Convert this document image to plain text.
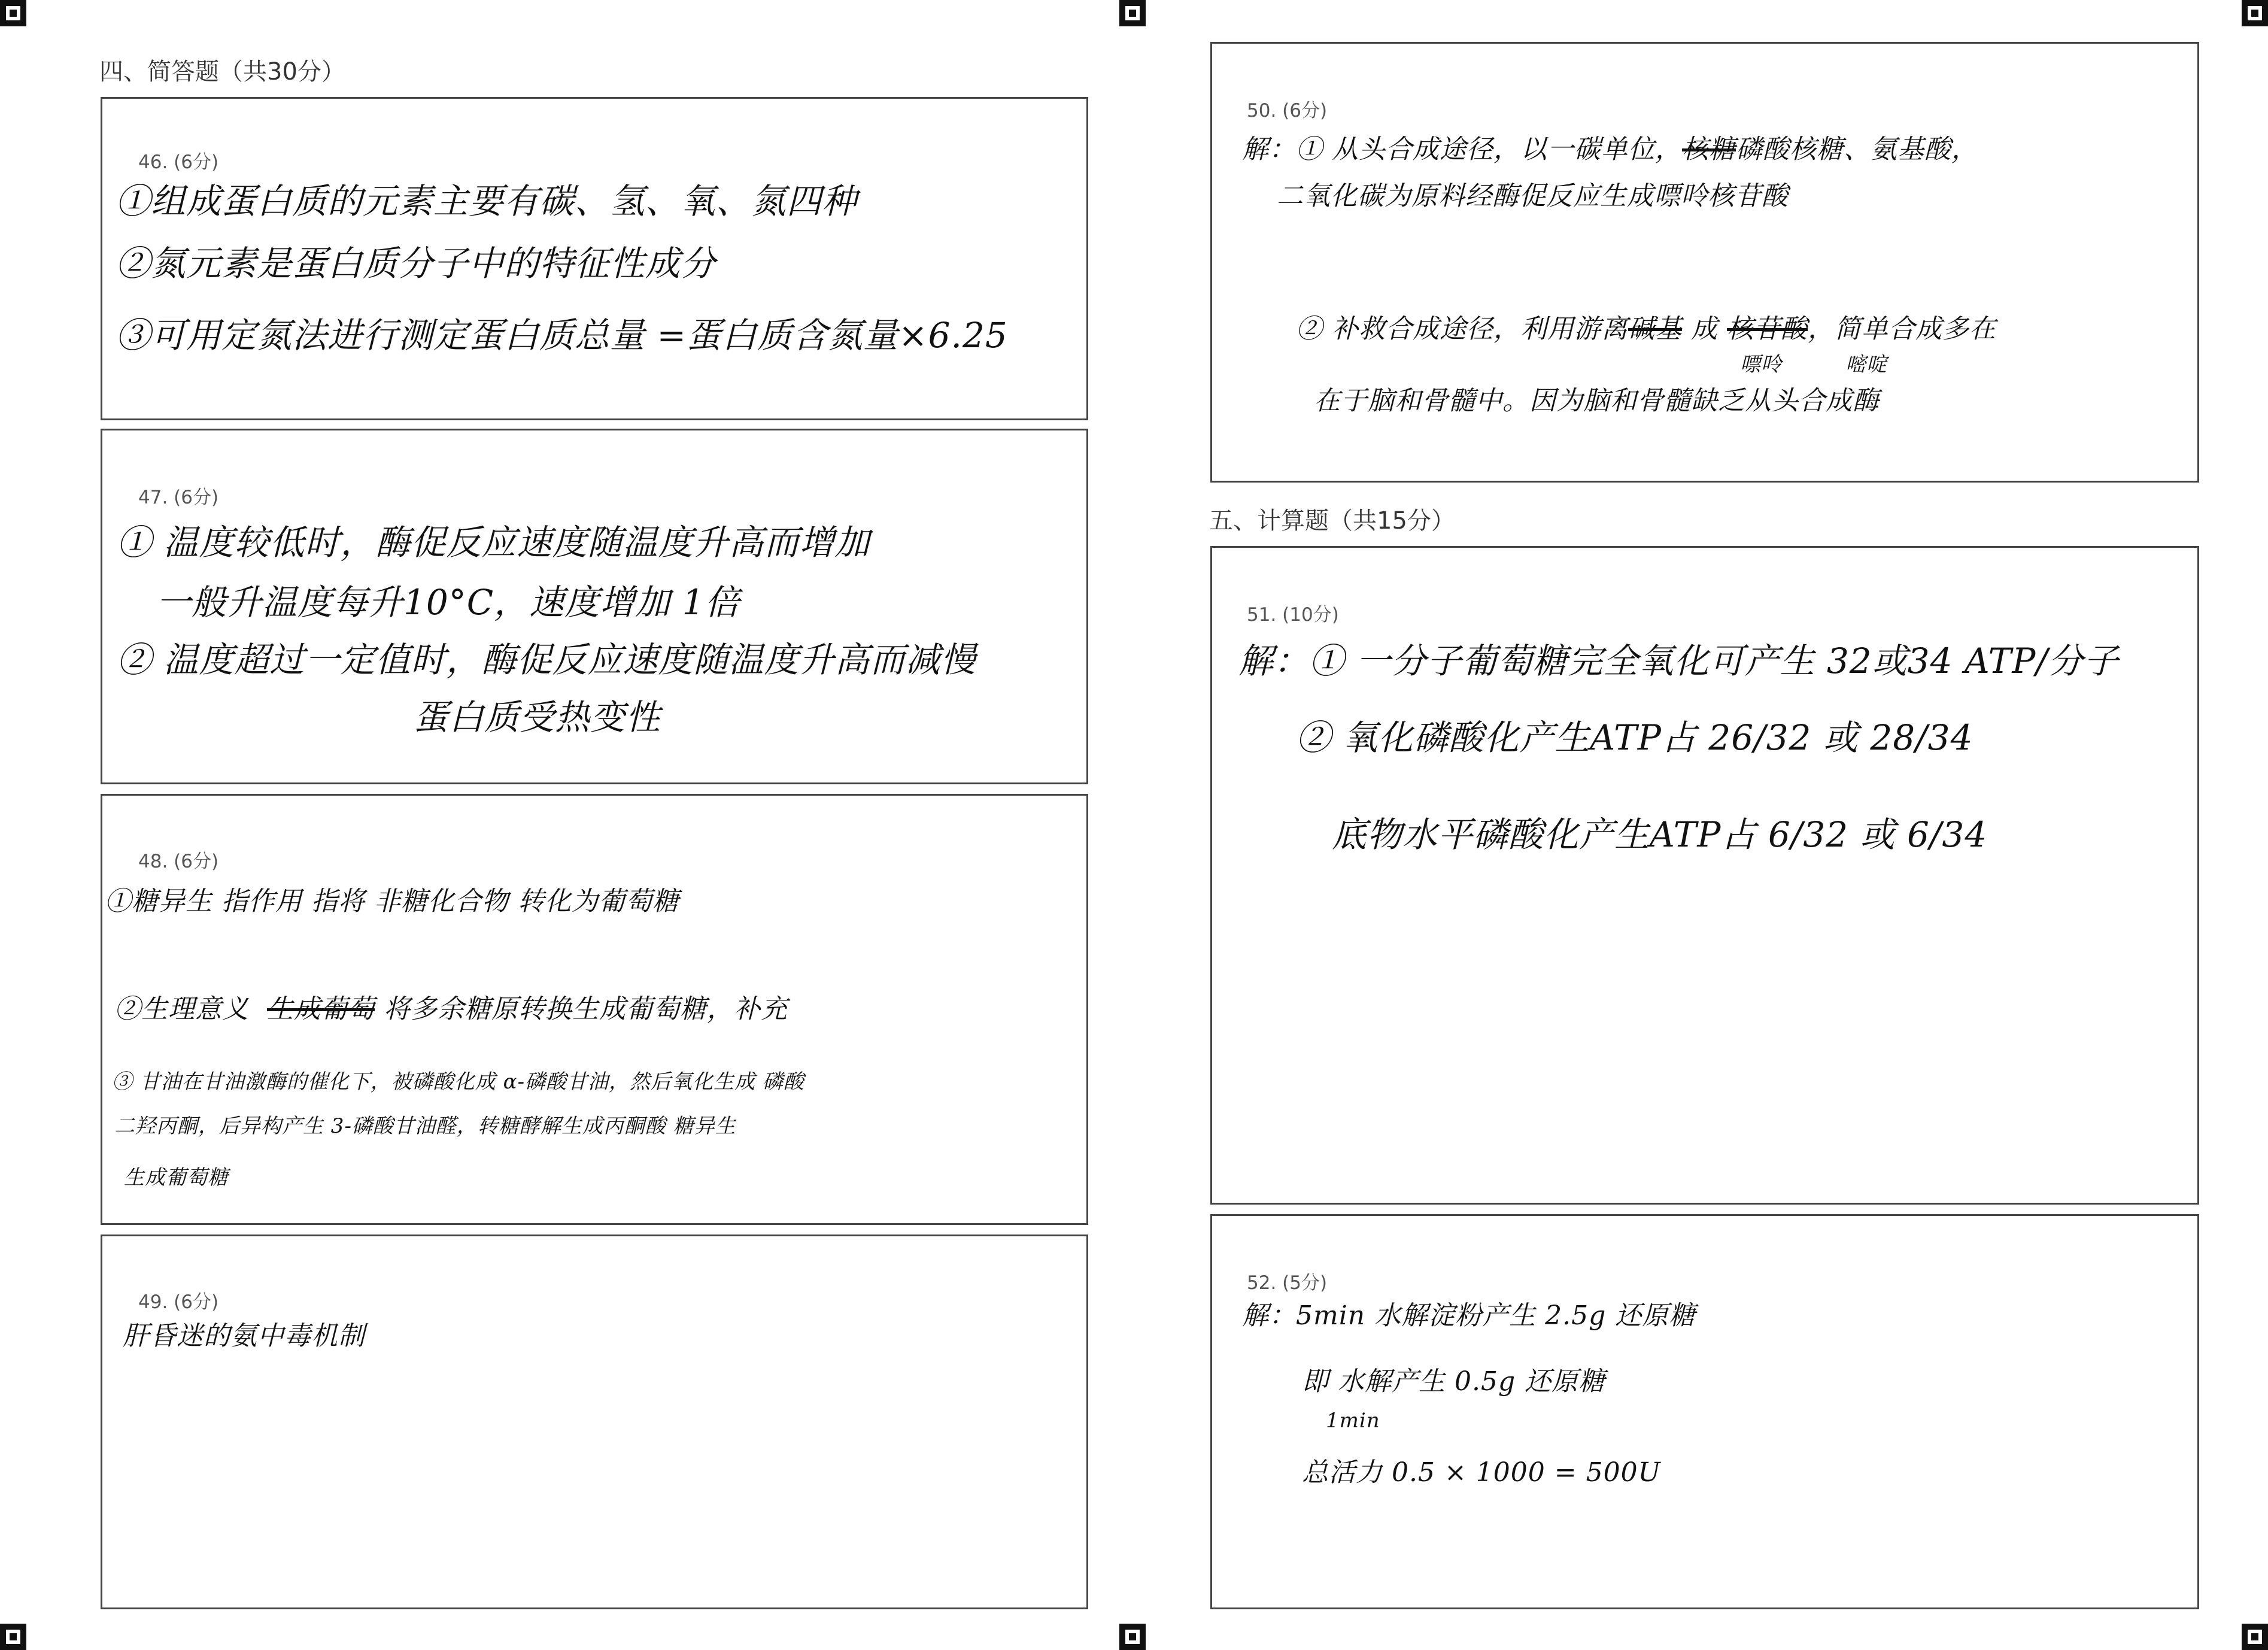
四、简答题（共30分）
46. (6分)
①组成蛋白质的元素主要有碳、氢、氧、氮四种
②氮元素是蛋白质分子中的特征性成分
③可用定氮法进行测定蛋白质总量 =蛋白质含氮量×6.25
47. (6分)
① 温度较低时，酶促反应速度随温度升高而增加
一般升温度每升10°C，速度增加 1倍
② 温度超过一定值时，酶促反应速度随温度升高而减慢
蛋白质受热变性
48. (6分)
①糖异生 指作用 指将 非糖化合物 转化为葡萄糖
②生理意义 生成葡萄 将多余糖原转换生成葡萄糖，补充
③ 甘油在甘油激酶的催化下，被磷酸化成 α-磷酸甘油，然后氧化生成 磷酸
二羟丙酮，后异构产生 3-磷酸甘油醛，转糖酵解生成丙酮酸 糖异生
生成葡萄糖
49. (6分)
肝昏迷的氨中毒机制
50. (6分)
解：① 从头合成途径，以一碳单位，核糖磷酸核糖、氨基酸，
二氧化碳为原料经酶促反应生成嘌呤核苷酸
② 补救合成途径，利用游离碱基 成 核苷酸，简单合成多在
嘌呤	嘧啶
在于脑和骨髓中。因为脑和骨髓缺乏从头合成酶
五、计算题（共15分）
51. (10分)
解：① 一分子葡萄糖完全氧化可产生 32或34 ATP/分子
② 氧化磷酸化产生ATP占 26/32 或 28/34
底物水平磷酸化产生ATP占 6/32 或 6/34
52. (5分)
解：5min 水解淀粉产生 2.5g 还原糖
即 水解产生 0.5g 还原糖
1min
总活力 0.5 × 1000 = 500U
